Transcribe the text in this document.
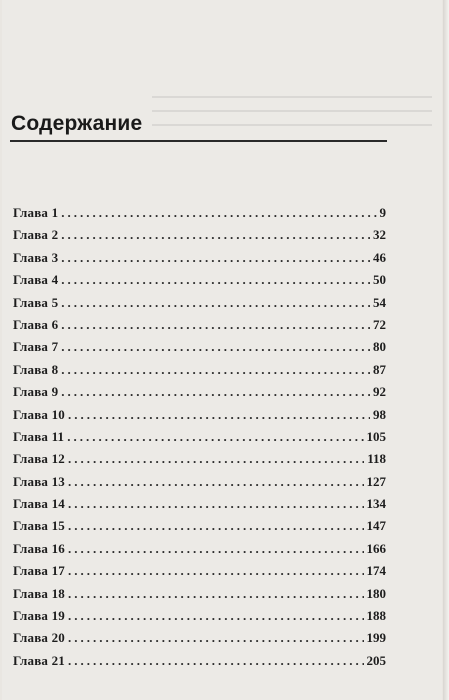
Содержание
Глава 1 .....	9
Глава 2 .....	32
Глава 3 .....	46
Глава 4 .....	50
Глава 5 .....	54
Глава 6 .....	72
Глава 7 .....	80
Глава 8 .....	87
Глава 9 .....	92
Глава 10 .....	98
Глава 11 .....	105
Глава 12 .....	118
Глава 13 .....	127
Глава 14 .....	134
Глава 15 .....	147
Глава 16 .....	166
Глава 17 .....	174
Глава 18 .....	180
Глава 19 .....	188
Глава 20 .....	199
Глава 21 .....	205
